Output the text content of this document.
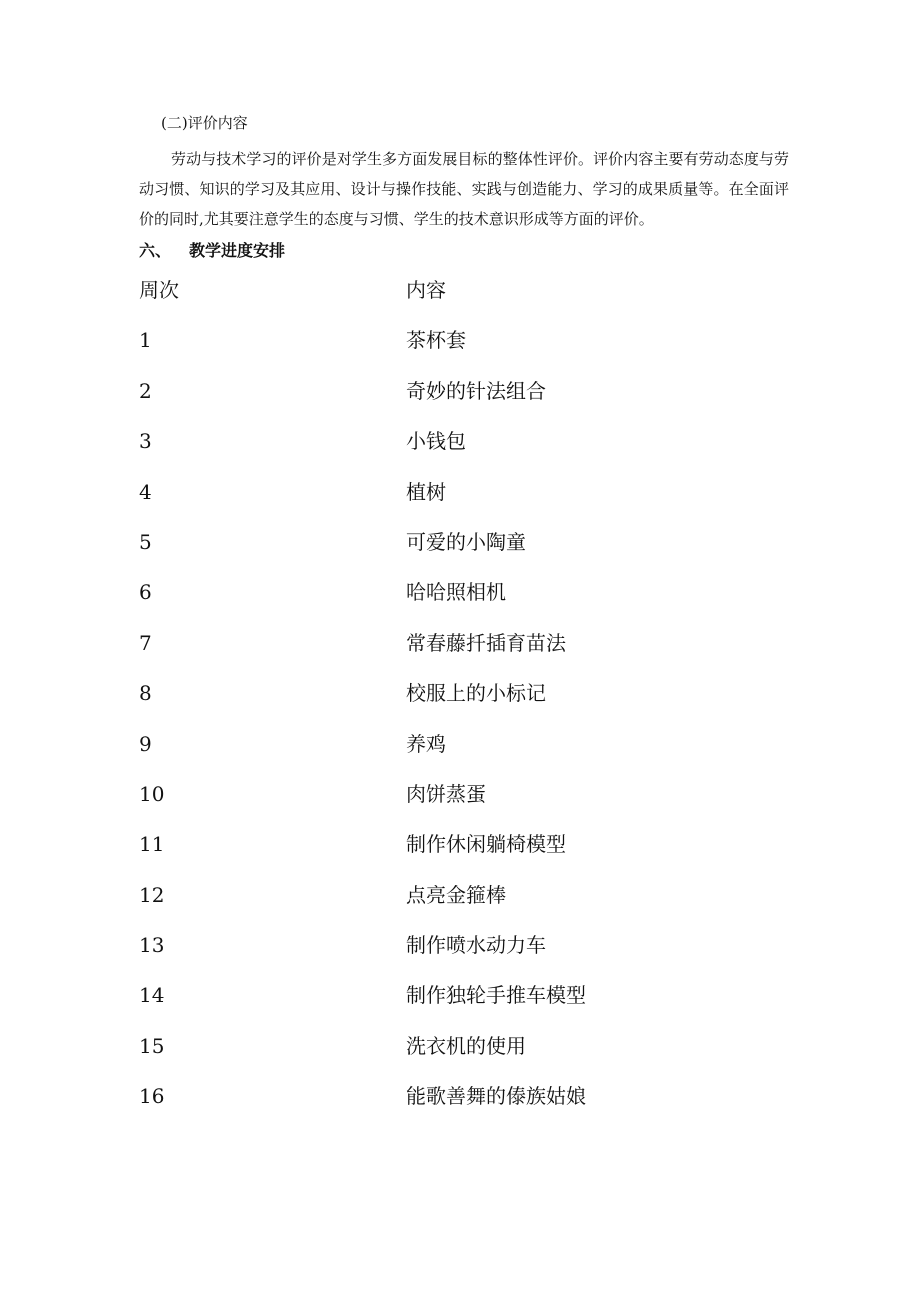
(二)评价内容
劳动与技术学习的评价是对学生多方面发展目标的整体性评价。评价内容主要有劳动态度与劳动习惯、知识的学习及其应用、设计与操作技能、实践与创造能力、学习的成果质量等。在全面评价的同时,尤其要注意学生的态度与习惯、学生的技术意识形成等方面的评价。
六、 教学进度安排
周次	内容
1	茶杯套
2	奇妙的针法组合
3	小钱包
4	植树
5	可爱的小陶童
6	哈哈照相机
7	常春藤扦插育苗法
8	校服上的小标记
9	养鸡
10	肉饼蒸蛋
11	制作休闲躺椅模型
12	点亮金箍棒
13	制作喷水动力车
14	制作独轮手推车模型
15	洗衣机的使用
16	能歌善舞的傣族姑娘
